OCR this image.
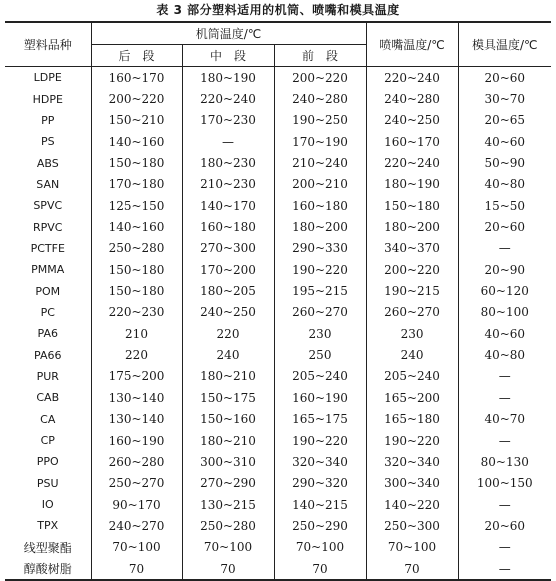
表 3 部分塑料适用的机筒、喷嘴和模具温度
塑料品种	机筒温度/℃			喷嘴温度/℃	模具温度/℃
	后　段	中　段	前　段		
LDPE	160~170	180~190	200~220	220~240	20~60
HDPE	200~220	220~240	240~280	240~280	30~70
PP	150~210	170~230	190~250	240~250	20~65
PS	140~160	—	170~190	160~170	40~60
ABS	150~180	180~230	210~240	220~240	50~90
SAN	170~180	210~230	200~210	180~190	40~80
SPVC	125~150	140~170	160~180	150~180	15~50
RPVC	140~160	160~180	180~200	180~200	20~60
PCTFE	250~280	270~300	290~330	340~370	—
PMMA	150~180	170~200	190~220	200~220	20~90
POM	150~180	180~205	195~215	190~215	60~120
PC	220~230	240~250	260~270	260~270	80~100
PA6	210	220	230	230	40~60
PA66	220	240	250	240	40~80
PUR	175~200	180~210	205~240	205~240	—
CAB	130~140	150~175	160~190	165~200	—
CA	130~140	150~160	165~175	165~180	40~70
CP	160~190	180~210	190~220	190~220	—
PPO	260~280	300~310	320~340	320~340	80~130
PSU	250~270	270~290	290~320	300~340	100~150
IO	90~170	130~215	140~215	140~220	—
TPX	240~270	250~280	250~290	250~300	20~60
线型聚酯	70~100	70~100	70~100	70~100	—
醇酸树脂	70	70	70	70	—
